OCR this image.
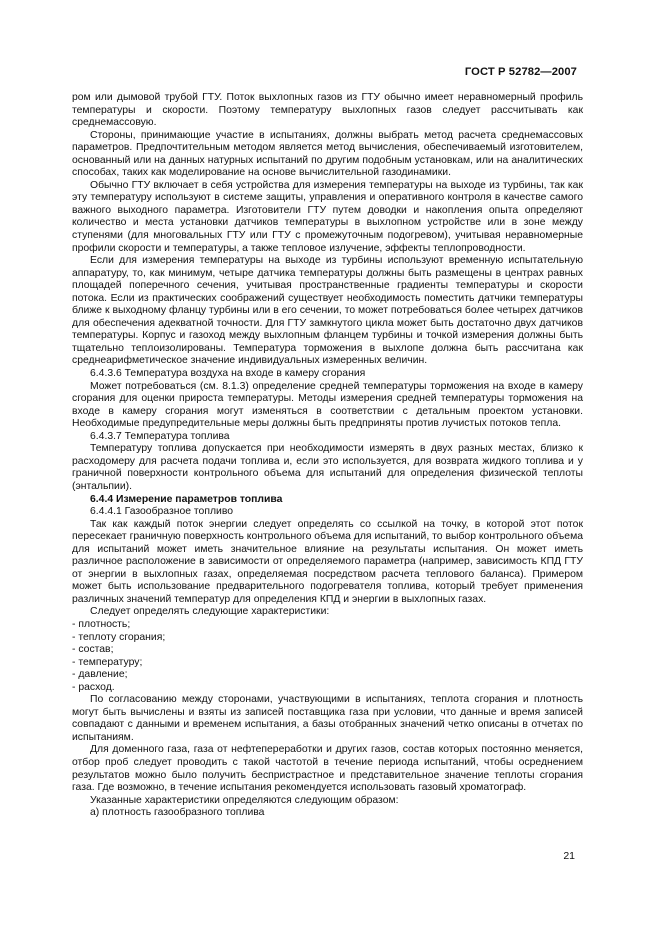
ГОСТ Р 52782—2007

ром или дымовой трубой ГТУ. Поток выхлопных газов из ГТУ обычно имеет неравномерный профиль температуры и скорости. Поэтому температуру выхлопных газов следует рассчитывать как среднемассовую.

Стороны, принимающие участие в испытаниях, должны выбрать метод расчета среднемассовых параметров. Предпочтительным методом является метод вычисления, обеспечиваемый изготовителем, основанный или на данных натурных испытаний по другим подобным установкам, или на аналитических способах, таких как моделирование на основе вычислительной газодинамики.

Обычно ГТУ включает в себя устройства для измерения температуры на выходе из турбины, так как эту температуру используют в системе защиты, управления и оперативного контроля в качестве самого важного выходного параметра. Изготовители ГТУ путем доводки и накопления опыта определяют количество и места установки датчиков температуры в выхлопном устройстве или в зоне между ступенями (для многовальных ГТУ или ГТУ с промежуточным подогревом), учитывая неравномерные профили скорости и температуры, а также тепловое излучение, эффекты теплопроводности.

Если для измерения температуры на выходе из турбины используют временную испытательную аппаратуру, то, как минимум, четыре датчика температуры должны быть размещены в центрах равных площадей поперечного сечения, учитывая пространственные градиенты температуры и скорости потока. Если из практических соображений существует необходимость поместить датчики температуры ближе к выходному фланцу турбины или в его сечении, то может потребоваться более четырех датчиков для обеспечения адекватной точности. Для ГТУ замкнутого цикла может быть достаточно двух датчиков температуры. Корпус и газоход между выхлопным фланцем турбины и точкой измерения должны быть тщательно теплоизолированы. Температура торможения в выхлопе должна быть рассчитана как среднеарифметическое значение индивидуальных измеренных величин.

6.4.3.6 Температура воздуха на входе в камеру сгорания

Может потребоваться (см. 8.1.3) определение средней температуры торможения на входе в камеру сгорания для оценки прироста температуры. Методы измерения средней температуры торможения на входе в камеру сгорания могут изменяться в соответствии с детальным проектом установки. Необходимые предупредительные меры должны быть предприняты против лучистых потоков тепла.

6.4.3.7 Температура топлива

Температуру топлива допускается при необходимости измерять в двух разных местах, близко к расходомеру для расчета подачи топлива и, если это используется, для возврата жидкого топлива и у граничной поверхности контрольного объема для испытаний для определения физической теплоты (энтальпии).

6.4.4 Измерение параметров топлива

6.4.4.1 Газообразное топливо

Так как каждый поток энергии следует определять со ссылкой на точку, в которой этот поток пересекает граничную поверхность контрольного объема для испытаний, то выбор контрольного объема для испытаний может иметь значительное влияние на результаты испытания. Он может иметь различное расположение в зависимости от определяемого параметра (например, зависимость КПД ГТУ от энергии в выхлопных газах, определяемая посредством расчета теплового баланса). Примером может быть использование предварительного подогревателя топлива, который требует применения различных значений температур для определения КПД и энергии в выхлопных газах.

Следует определять следующие характеристики:

- плотность;

- теплоту сгорания;

- состав;

- температуру;

- давление;

- расход.

По согласованию между сторонами, участвующими в испытаниях, теплота сгорания и плотность могут быть вычислены и взяты из записей поставщика газа при условии, что данные и время записей совпадают с данными и временем испытания, а базы отобранных значений четко описаны в отчетах по испытаниям.

Для доменного газа, газа от нефтепереработки и других газов, состав которых постоянно меняется, отбор проб следует проводить с такой частотой в течение периода испытаний, чтобы осреднением результатов можно было получить беспристрастное и представительное значение теплоты сгорания газа. Где возможно, в течение испытания рекомендуется использовать газовый хроматограф.

Указанные характеристики определяются следующим образом:

а) плотность газообразного топлива

21
